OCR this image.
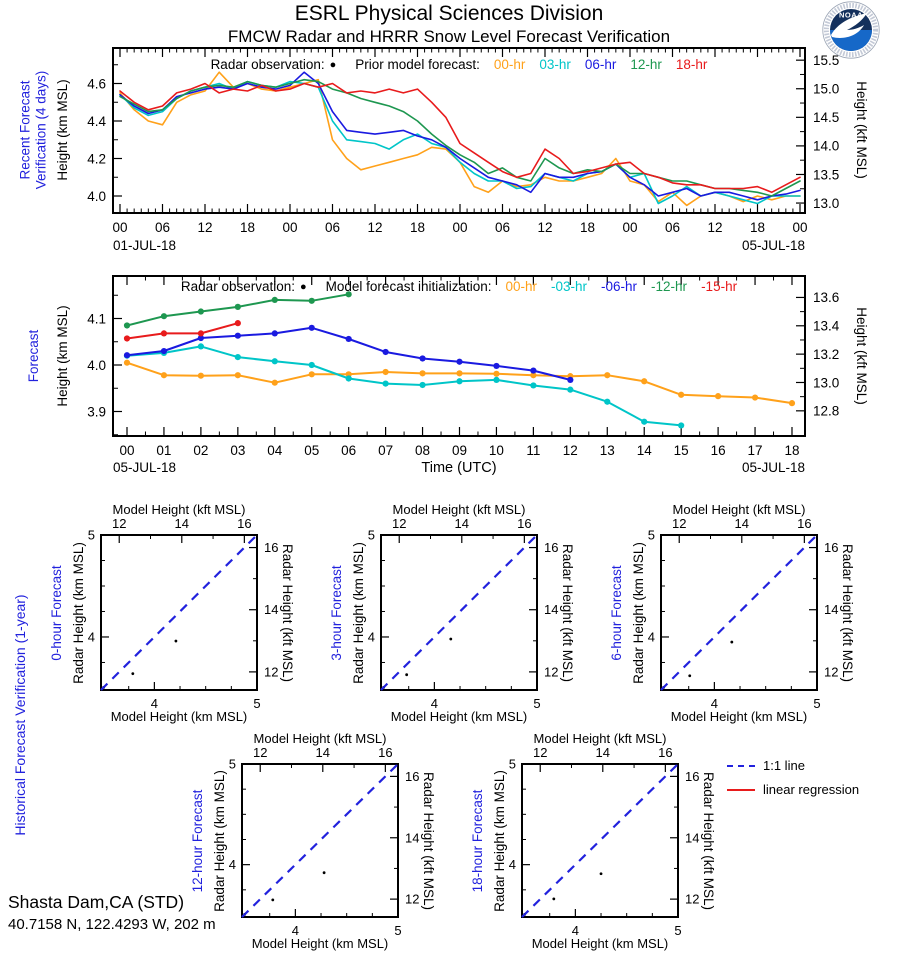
ESRL Physical Sciences Division
FMCW Radar and HRRR Snow Level Forecast Verification
NOAA
00 06 12 18 00 06 12 18 00 06 12 18 00 06 12 18 00
4.0
4.2
4.4
4.6
13.0
13.5
14.0
14.5
15.0
15.5
01-JUL-18	05-JUL-18
00 01 02 03 04 05 06 07 08 09 10 11 12 13 14 15 16 17 18
3.9
4.0
4.1
12.8
13.0
13.2
13.4
13.6
05-JUL-18	05-JUL-18
Time (UTC)
4
4
5
5
12
12
14
14
16
16
4
4
5
5
12
12
14
14
16
16
4
4
5
5
12
12
14
14
16
16
4
4
5
5
12
12
14
14
16
16
4
4
5
5
12
12
14
14
16
16
Radar observation: ● Prior model forecast: 00-hr 03-hr 06-hr 12-hr 18-hr
Radar observation: ● Model forecast initialization: 00-hr -03-hr -06-hr -12-hr -15-hr
Recent Forecast Verification (4 days) Height (km MSL)	Height (kft MSL)
Forecast Height (km MSL)	Height (kft MSL)
Historical Forecast Verification (1-year)
Model Height (kft MSL)
Model Height (km MSL)
0-hour Forecast Radar Height (km MSL)	Radar Height (kft MSL)
Model Height (kft MSL)
Model Height (km MSL)
3-hour Forecast Radar Height (km MSL)	Radar Height (kft MSL)
Model Height (kft MSL)
Model Height (km MSL)
6-hour Forecast Radar Height (km MSL)	Radar Height (kft MSL)
Model Height (kft MSL)
Model Height (km MSL)
12-hour Forecast Radar Height (km MSL)	Radar Height (kft MSL)
Model Height (kft MSL)
Model Height (km MSL)
18-hour Forecast Radar Height (km MSL)	Radar Height (kft MSL)
1:1 line
linear regression
Shasta Dam,CA (STD)
40.7158 N, 122.4293 W, 202 m
